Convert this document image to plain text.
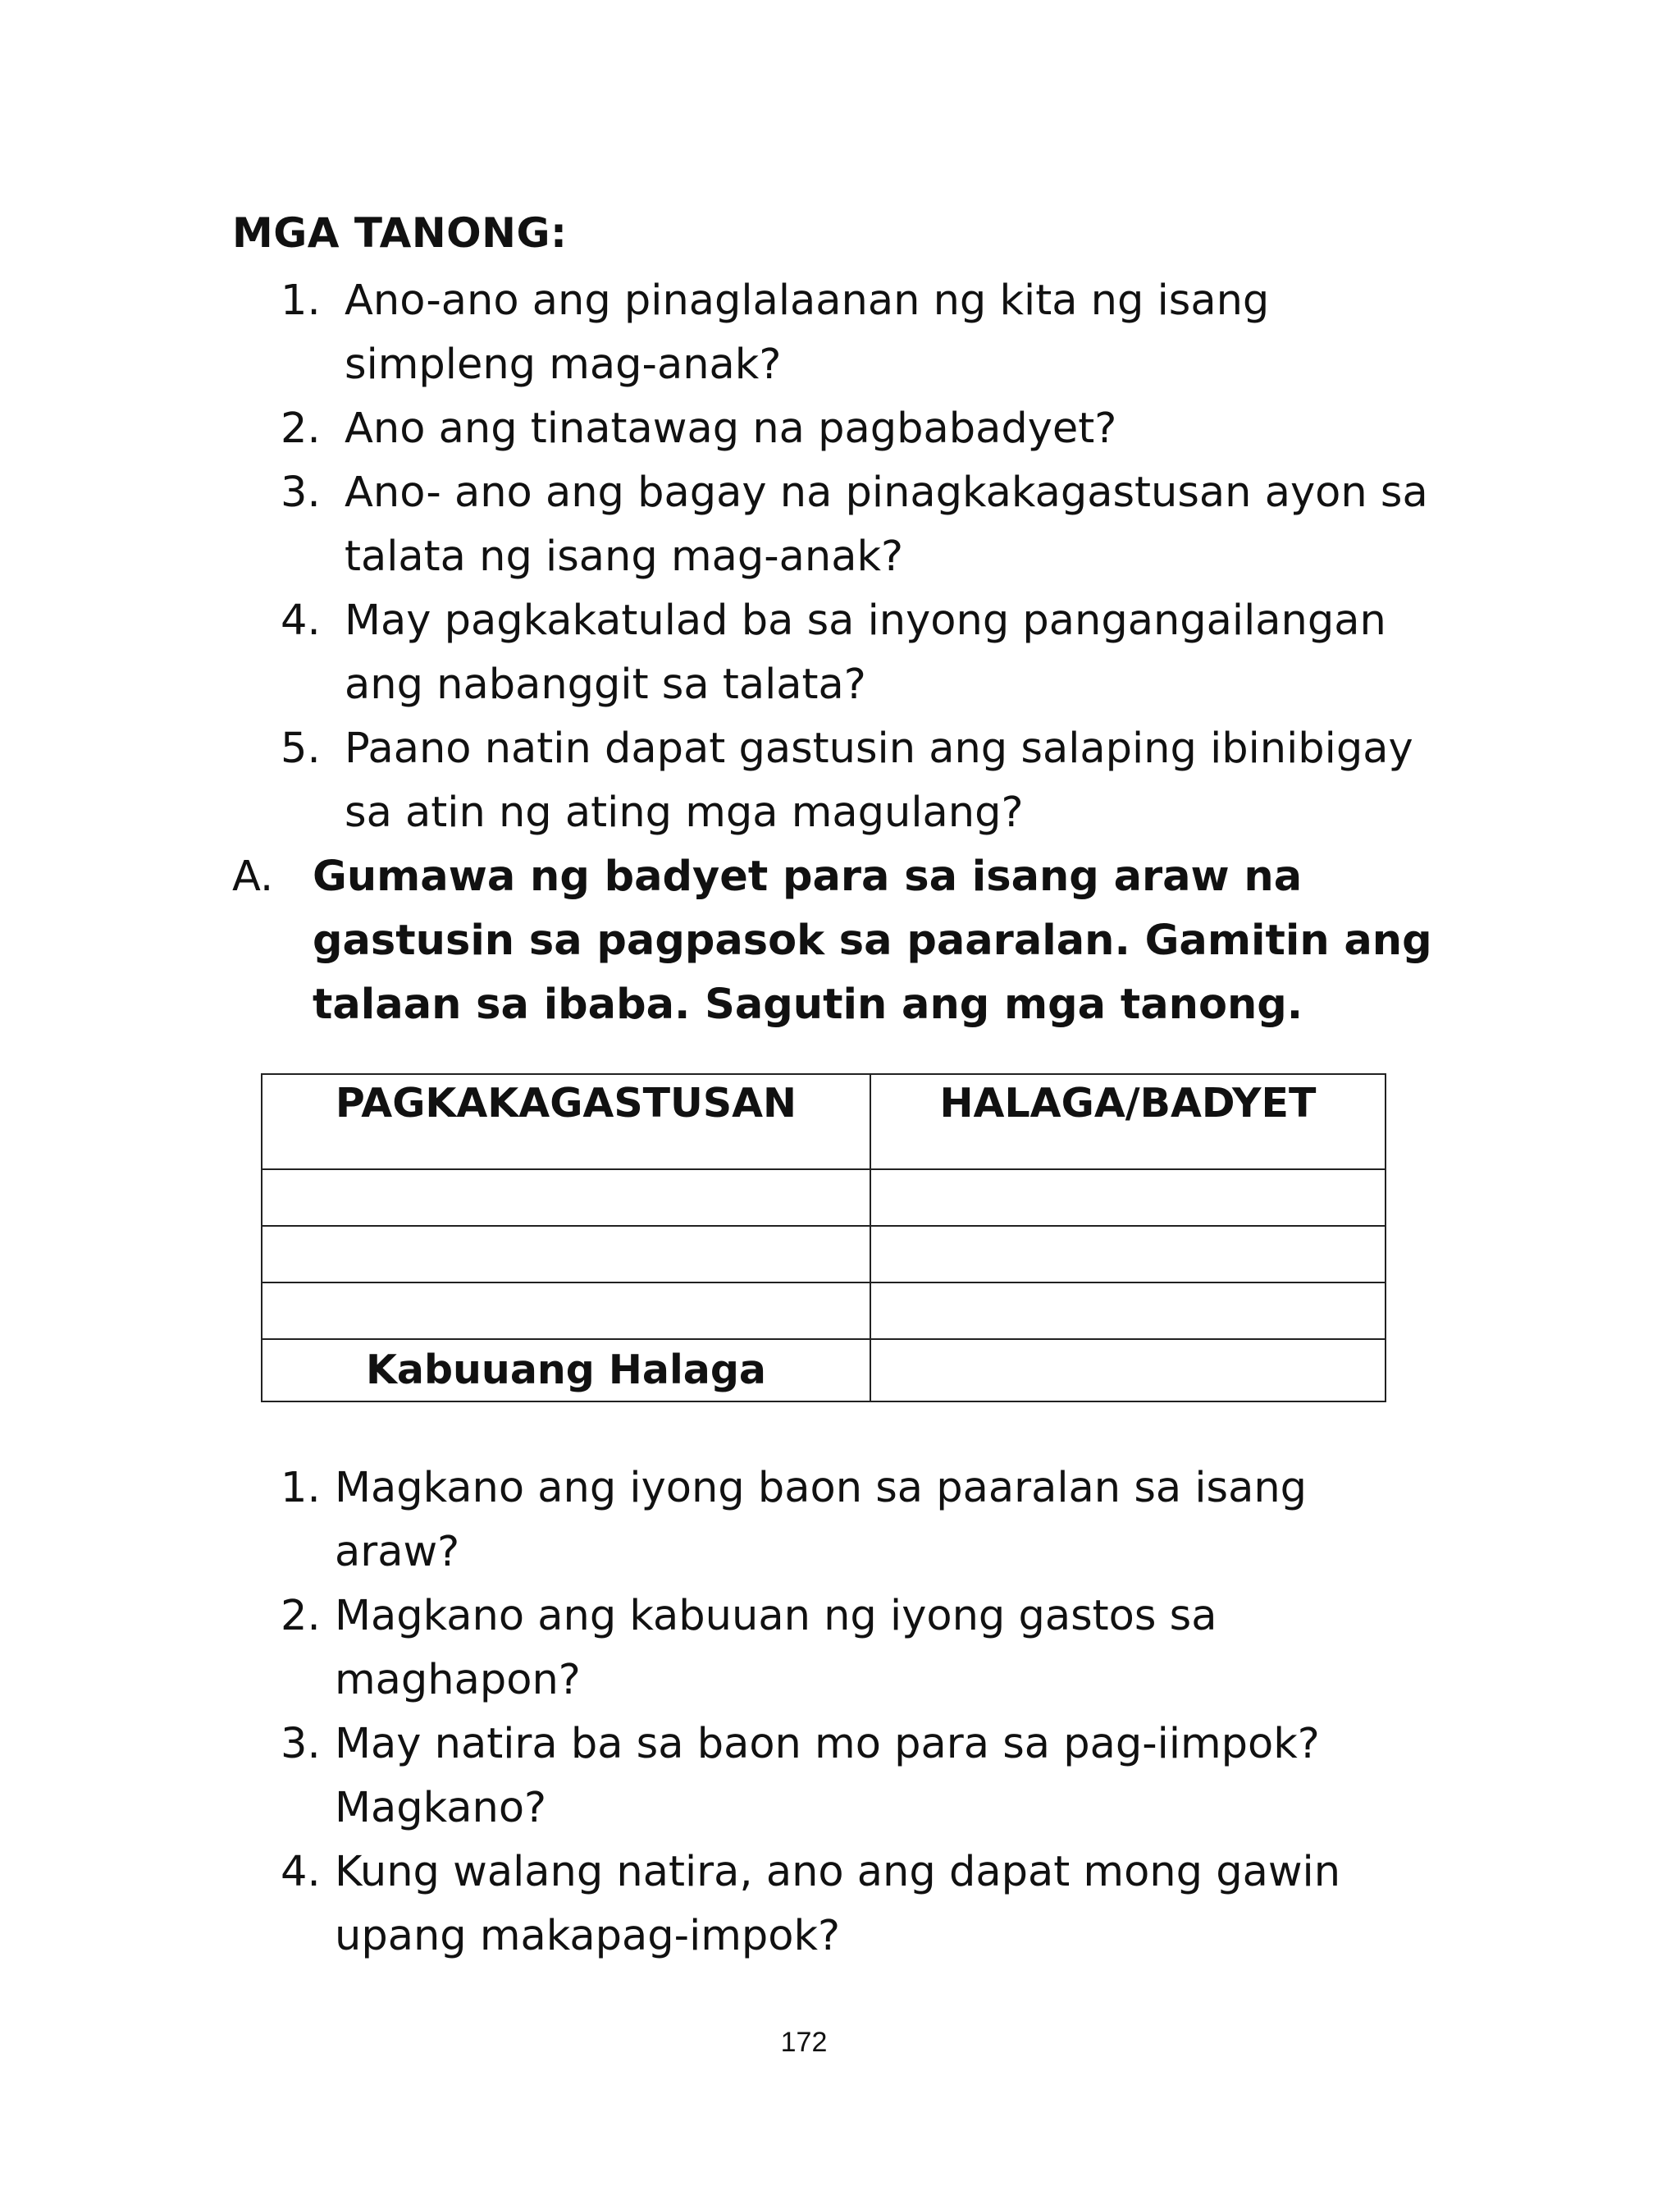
MGA TANONG:
1. Ano-ano ang pinaglalaanan ng kita ng isang simpleng mag-anak?
2. Ano ang tinatawag na pagbabadyet?
3. Ano- ano ang bagay na pinagkakagastusan ayon sa talata ng isang mag-anak?
4. May pagkakatulad ba sa inyong pangangailangan ang nabanggit sa talata?
5. Paano natin dapat gastusin ang salaping ibinibigay sa atin ng ating mga magulang?
A. Gumawa ng badyet para sa isang araw na gastusin sa pagpasok sa paaralan. Gamitin ang talaan sa ibaba. Sagutin ang mga tanong.
PAGKAKAGASTUSAN	HALAGA/BADYET

Kabuuang Halaga	
1. Magkano ang iyong baon sa paaralan sa isang araw?
2. Magkano ang kabuuan ng iyong gastos sa maghapon?
3. May natira ba sa baon mo para sa pag-iimpok? Magkano?
4. Kung walang natira, ano ang dapat mong gawin upang makapag-impok?
172
